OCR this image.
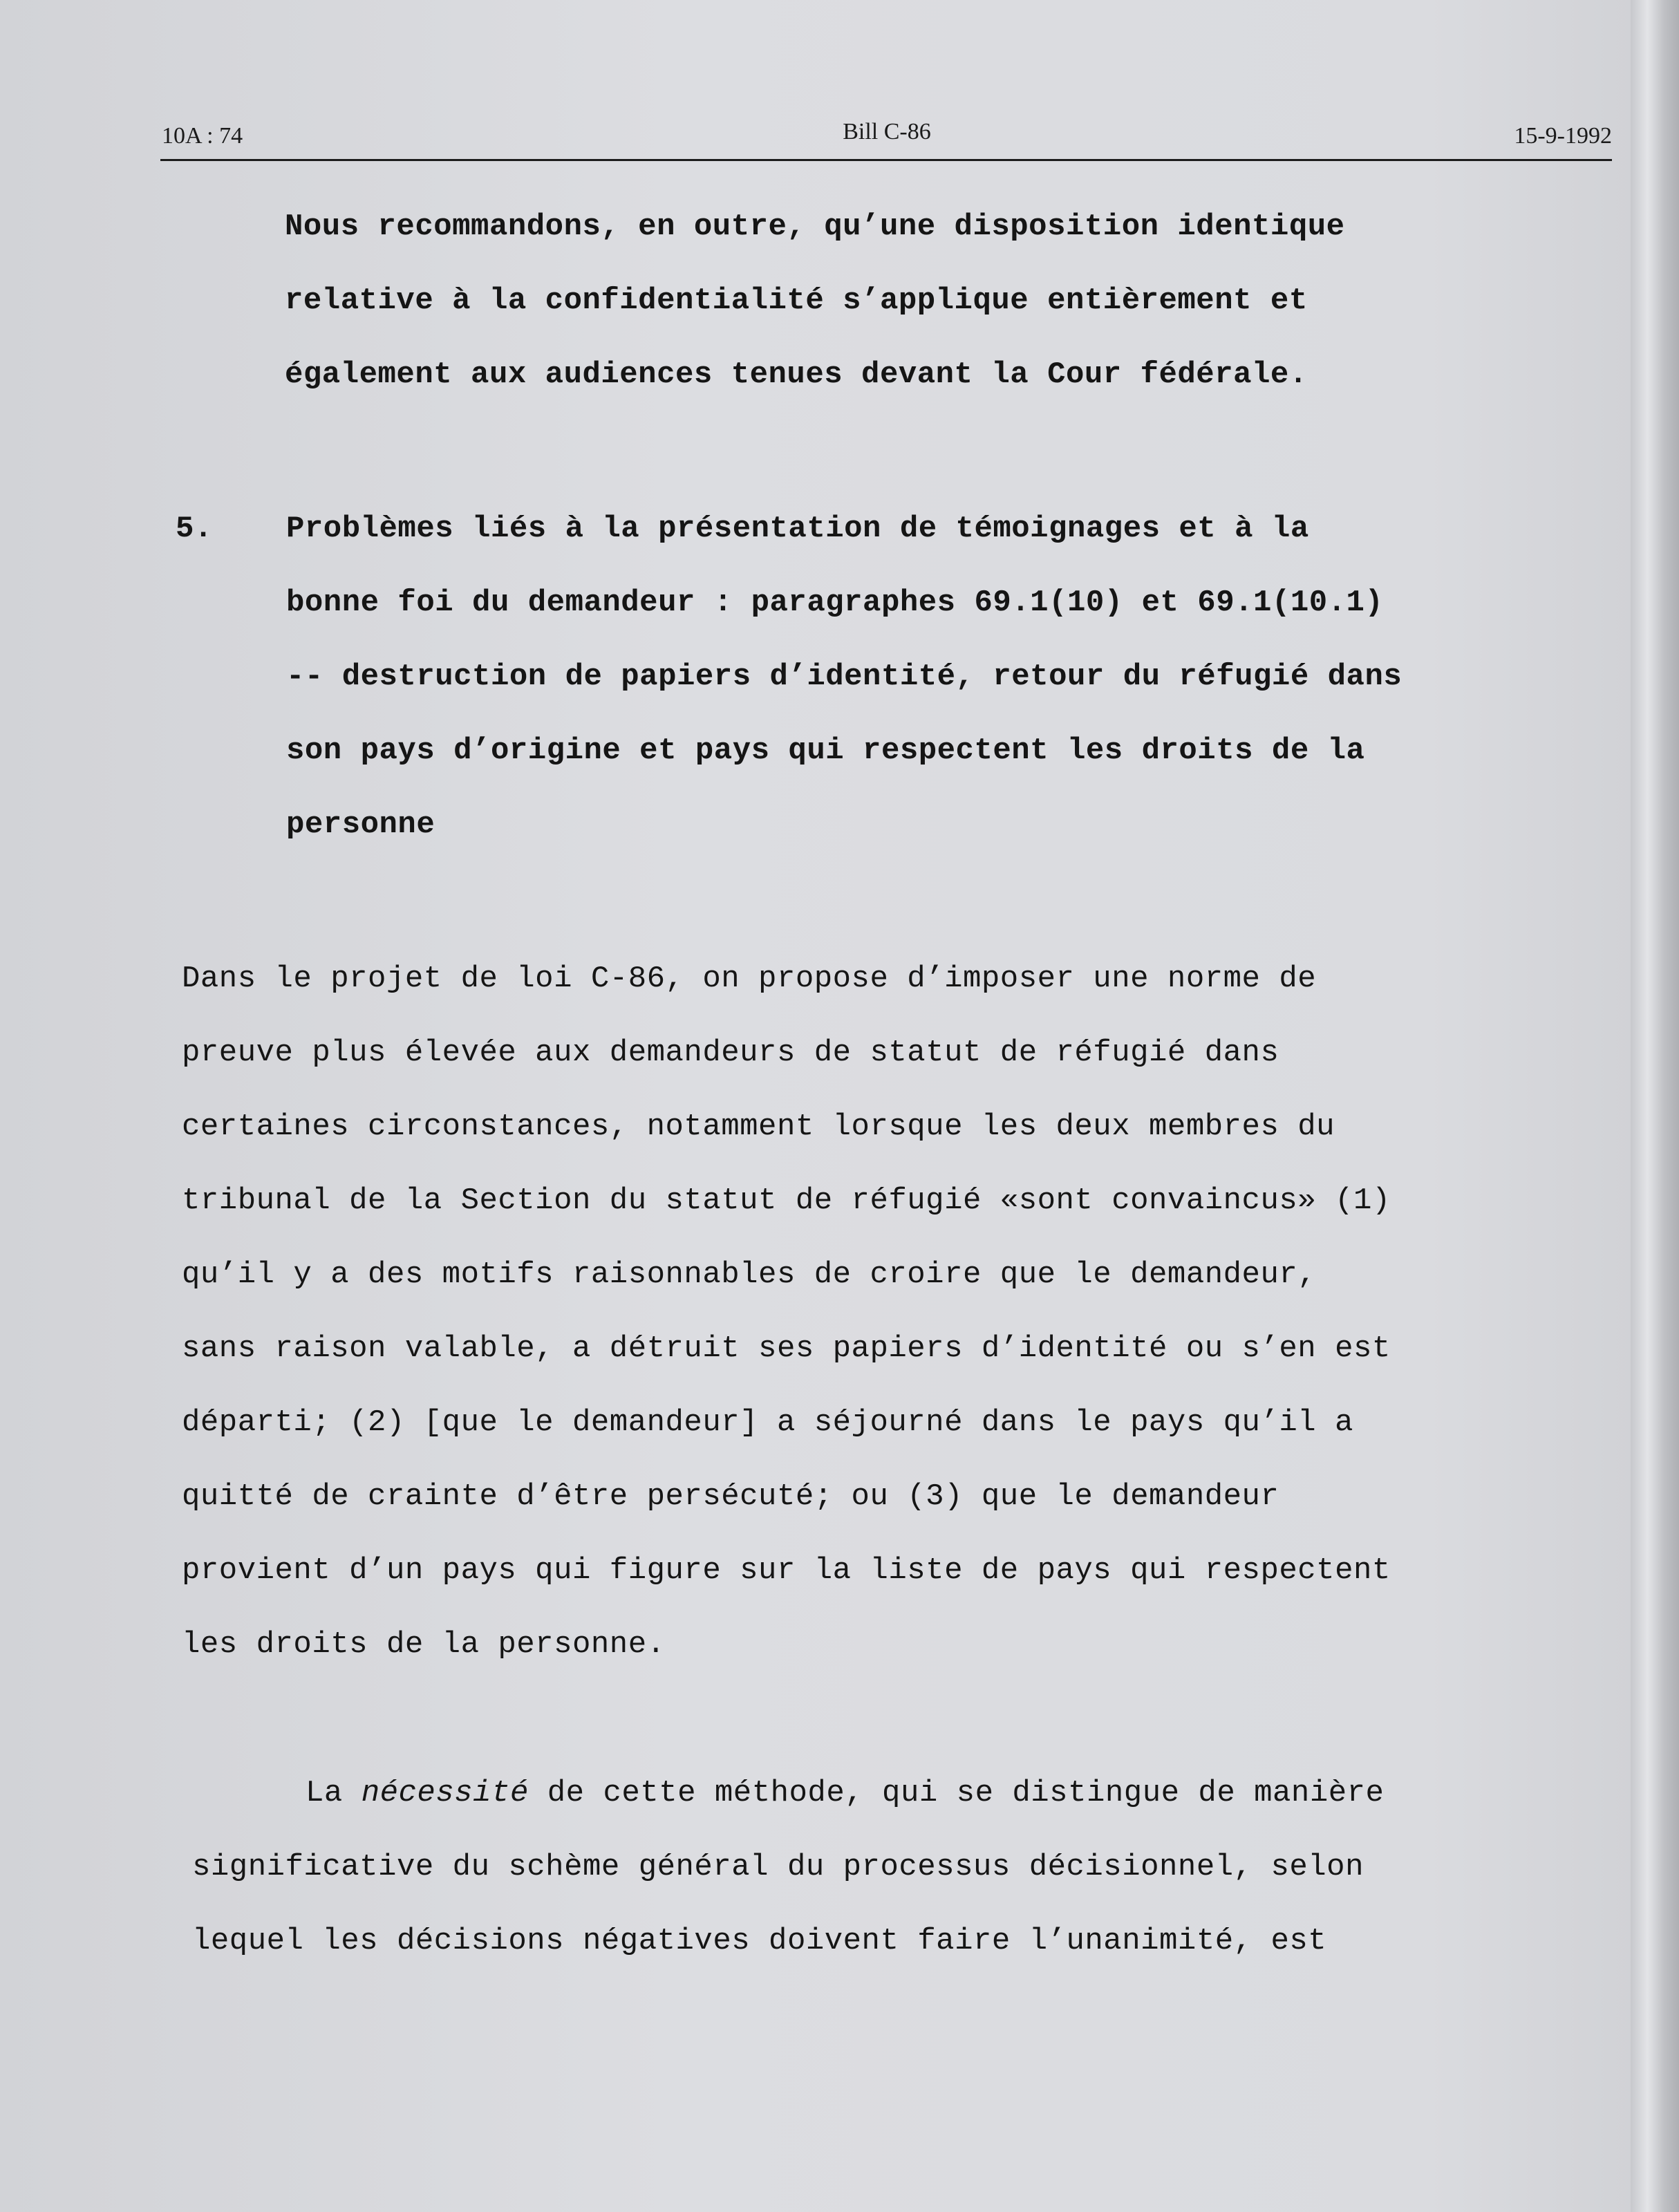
10A : 74	Bill C-86	15-9-1992
Nous recommandons, en outre, qu’une disposition identique
relative à la confidentialité s’applique entièrement et
également aux audiences tenues devant la Cour fédérale.
5. Problèmes liés à la présentation de témoignages et à la
bonne foi du demandeur : paragraphes 69.1(10) et 69.1(10.1)
-- destruction de papiers d’identité, retour du réfugié dans
son pays d’origine et pays qui respectent les droits de la
personne
Dans le projet de loi C-86, on propose d’imposer une norme de
preuve plus élevée aux demandeurs de statut de réfugié dans
certaines circonstances, notamment lorsque les deux membres du
tribunal de la Section du statut de réfugié «sont convaincus» (1)
qu’il y a des motifs raisonnables de croire que le demandeur,
sans raison valable, a détruit ses papiers d’identité ou s’en est
départi; (2) [que le demandeur] a séjourné dans le pays qu’il a
quitté de crainte d’être persécuté; ou (3) que le demandeur
provient d’un pays qui figure sur la liste de pays qui respectent
les droits de la personne.
La nécessité de cette méthode, qui se distingue de manière
significative du schème général du processus décisionnel, selon
lequel les décisions négatives doivent faire l’unanimité, est
